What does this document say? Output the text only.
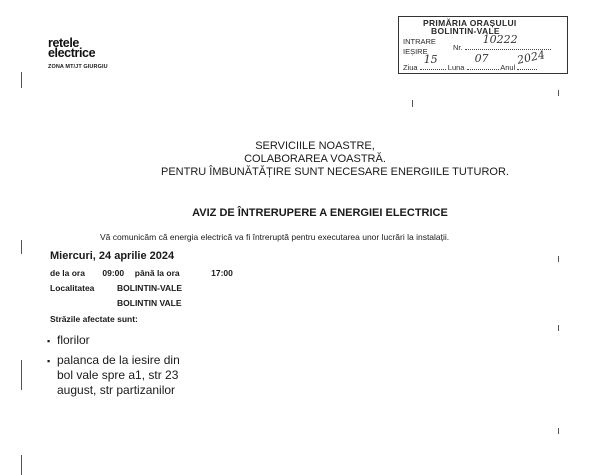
retele
electrice
ZONA MT/JT GIURGIU
PRIMĂRIA ORAȘULUI
BOLINTIN-VALE
INTRARE
IEȘIRE	Nr.
10222
Ziua
15
Luna
07
Anul
2024
SERVICIILE NOASTRE,
COLABORAREA VOASTRĂ.
PENTRU ÎMBUNĂTĂȚIRE SUNT NECESARE ENERGIILE TUTUROR.
AVIZ DE ÎNTRERUPERE A ENERGIEI ELECTRICE
Vă comunicăm că energia electrică va fi întreruptă pentru executarea unor lucrări la instalații.
Miercuri, 24 aprilie 2024
de la ora 09:00 până la ora	17:00
Localitatea	BOLINTIN-VALE
BOLINTIN VALE
Străzile afectate sunt:
▪ florilor
▪ palanca de la iesire din
bol vale spre a1, str 23
august, str partizanilor
